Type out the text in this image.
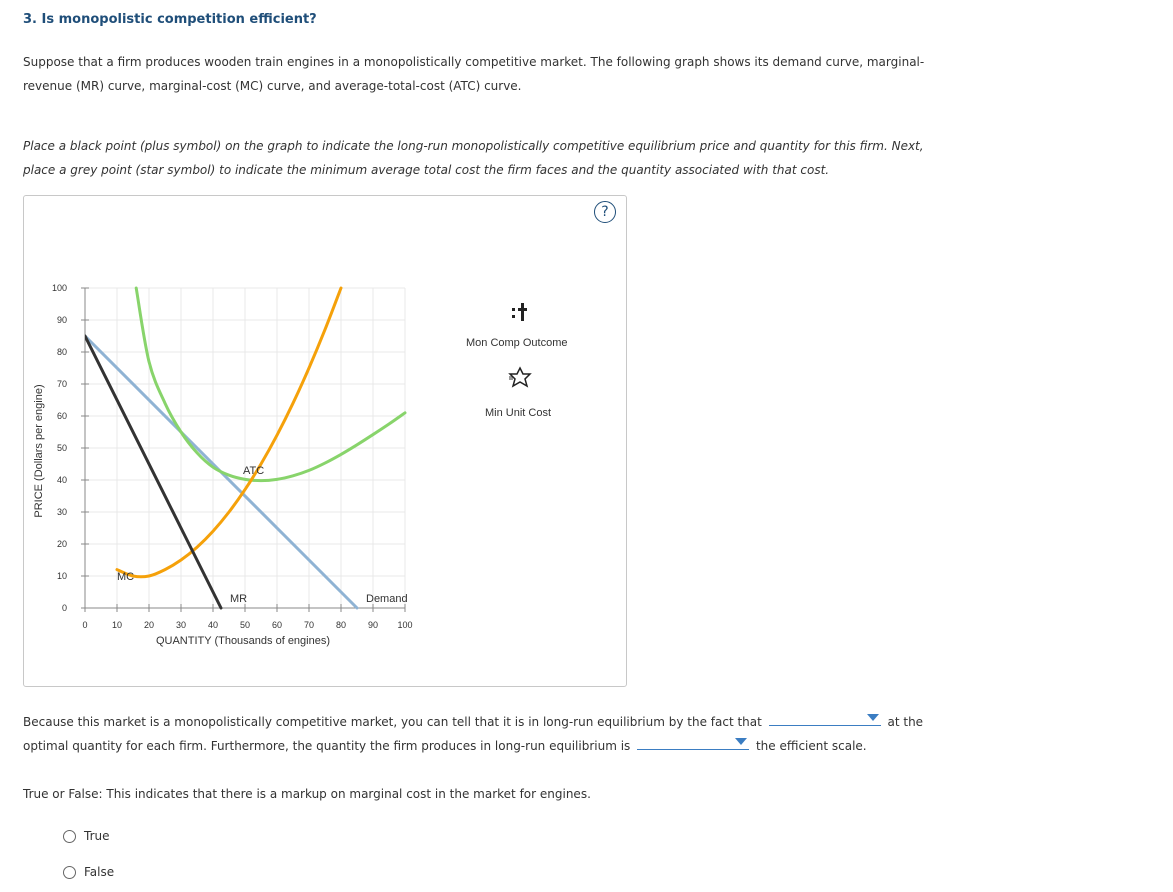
3. Is monopolistic competition efficient?
Suppose that a firm produces wooden train engines in a monopolistically competitive market. The following graph shows its demand curve, marginal-
revenue (MR) curve, marginal-cost (MC) curve, and average-total-cost (ATC) curve.
Place a black point (plus symbol) on the graph to indicate the long-run monopolistically competitive equilibrium price and quantity for this firm. Next,
place a grey point (star symbol) to indicate the minimum average total cost the firm faces and the quantity associated with that cost.
?
0	10 20 30 40 50 60 70 80 90 100
0
10
20
30
40
50
60
70
80
90
100
QUANTITY (Thousands of engines)
PRICE (Dollars per engine)	ATC
MC
MR	Demand
Mon Comp Outcome
Min Unit Cost
Because this market is a monopolistically competitive market, you can tell that it is in long-run equilibrium by the fact that	at the
optimal quantity for each firm. Furthermore, the quantity the firm produces in long-run equilibrium is	the efficient scale.
True or False: This indicates that there is a markup on marginal cost in the market for engines.
True
False
